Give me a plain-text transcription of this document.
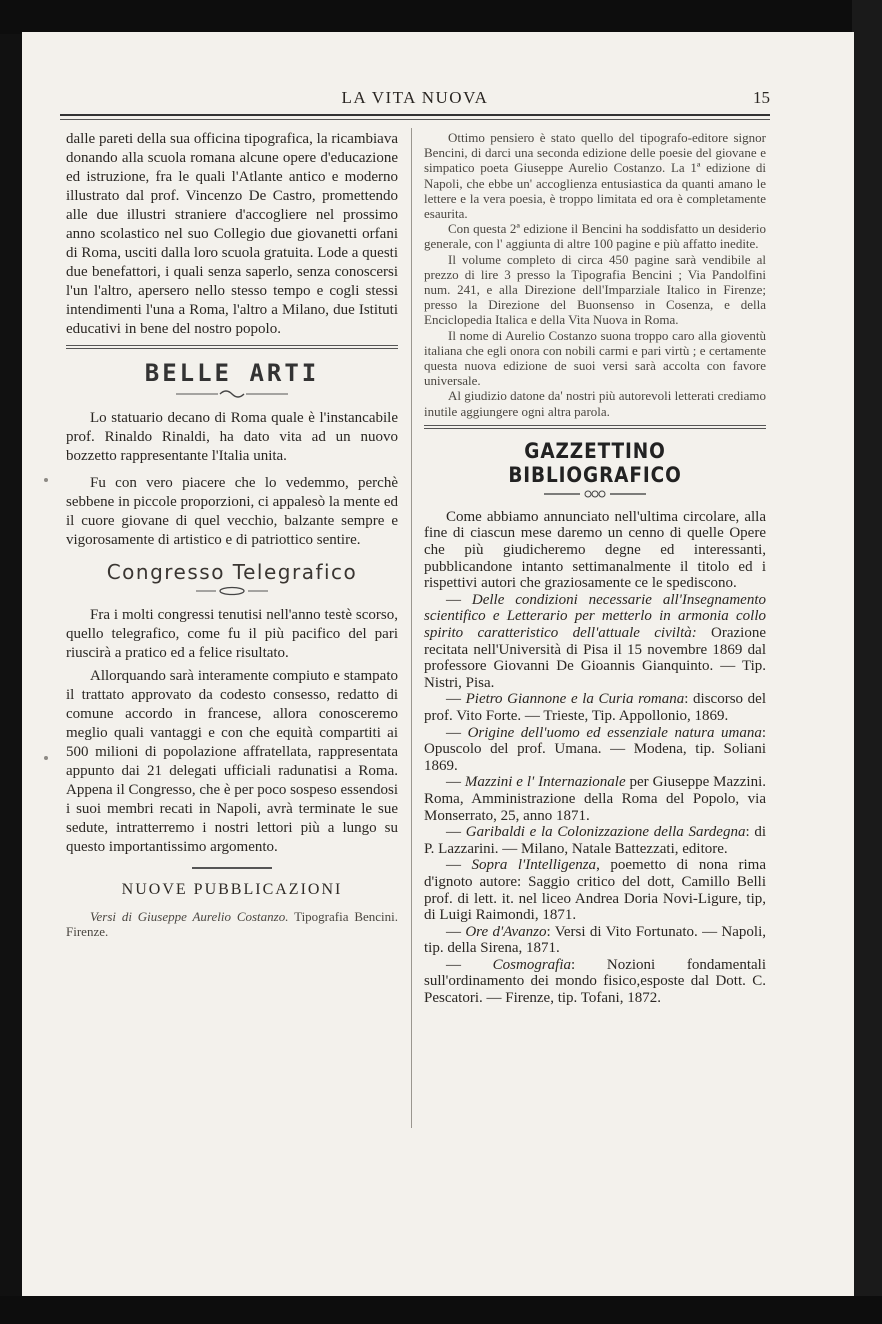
LA VITA NUOVA	15

dalle pareti della sua officina tipografica, la ricambiava donando alla scuola romana alcune opere d'educazione ed istruzione, fra le quali l'Atlante antico e moderno illustrato dal prof. Vincenzo De Castro, promettendo alle due illustri straniere d'accogliere nel prossimo anno scolastico nel suo Collegio due giovanetti orfani di Roma, usciti dalla loro scuola gratuita. Lode a questi due benefattori, i quali senza saperlo, senza conoscersi l'un l'altro, apersero nello stesso tempo e cogli stessi intendimenti l'una a Roma, l'altro a Milano, due Istituti educativi in bene del nostro popolo.

BELLE ARTI

Lo statuario decano di Roma quale è l'instancabile prof. Rinaldo Rinaldi, ha dato vita ad un nuovo bozzetto rappresentante l'Italia unita.

Fu con vero piacere che lo vedemmo, perchè sebbene in piccole proporzioni, ci appalesò la mente ed il cuore giovane di quel vecchio, balzante sempre e vigorosamente di artistico e di patriottico sentire.

Congresso Telegrafico

Fra i molti congressi tenutisi nell'anno testè scorso, quello telegrafico, come fu il più pacifico del pari riuscirà a pratico ed a felice risultato.

Allorquando sarà interamente compiuto e stampato il trattato approvato da codesto consesso, redatto di comune accordo in francese, allora conosceremo meglio quali vantaggi e con che equità compartiti ai 500 milioni di popolazione affratellata, rappresentata appunto dai 21 delegati ufficiali radunatisi a Roma. Appena il Congresso, che è per poco sospeso essendosi i suoi membri recati in Napoli, avrà terminate le sue sedute, intratterremo i nostri lettori più a lungo su questo importantissimo argomento.

NUOVE PUBBLICAZIONI

Versi di Giuseppe Aurelio Costanzo. Tipografia Bencini. Firenze.

Ottimo pensiero è stato quello del tipografo-editore signor Bencini, di darci una seconda edizione delle poesie del giovane e simpatico poeta Giuseppe Aurelio Costanzo. La 1ª edizione di Napoli, che ebbe un' accoglienza entusiastica da quanti amano le lettere e la vera poesia, è troppo limitata ed ora è completamente esaurita.

Con questa 2ª edizione il Bencini ha soddisfatto un desiderio generale, con l' aggiunta di altre 100 pagine e più affatto inedite.

Il volume completo di circa 450 pagine sarà vendibile al prezzo di lire 3 presso la Tipografia Bencini ; Via Pandolfini num. 241, e alla Direzione dell'Imparziale Italico in Firenze; presso la Direzione del Buonsenso in Cosenza, e della Enciclopedia Italica e della Vita Nuova in Roma.

Il nome di Aurelio Costanzo suona troppo caro alla gioventù italiana che egli onora con nobili carmi e pari virtù ; e certamente questa nuova edizione de suoi versi sarà accolta con favore universale.

Al giudizio datone da' nostri più autorevoli letterati crediamo inutile aggiungere ogni altra parola.

GAZZETTINO BIBLIOGRAFICO

Come abbiamo annunciato nell'ultima circolare, alla fine di ciascun mese daremo un cenno di quelle Opere che più giudicheremo degne ed interessanti, pubblicandone intanto settimanalmente il titolo ed i rispettivi autori che graziosamente ce le spediscono.

— Delle condizioni necessarie all'Insegnamento scientifico e Letterario per metterlo in armonia collo spirito caratteristico dell'attuale civiltà: Orazione recitata nell'Università di Pisa il 15 novembre 1869 dal professore Giovanni De Gioannis Gianquinto. — Tip. Nistri, Pisa.

— Pietro Giannone e la Curia romana: discorso del prof. Vito Forte. — Trieste, Tip. Appollonio, 1869.

— Origine dell'uomo ed essenziale natura umana: Opuscolo del prof. Umana. — Modena, tip. Soliani 1869.

— Mazzini e l' Internazionale per Giuseppe Mazzini. Roma, Amministrazione della Roma del Popolo, via Monserrato, 25, anno 1871.

— Garibaldi e la Colonizzazione della Sardegna: di P. Lazzarini. — Milano, Natale Battezzati, editore.

— Sopra l'Intelligenza, poemetto di nona rima d'ignoto autore: Saggio critico del dott, Camillo Belli prof. di lett. it. nel liceo Andrea Doria Novi-Ligure, tip, di Luigi Raimondi, 1871.

— Ore d'Avanzo: Versi di Vito Fortunato. — Napoli, tip. della Sirena, 1871.

— Cosmografia: Nozioni fondamentali sull'ordinamento dei mondo fisico,esposte dal Dott. C. Pescatori. — Firenze, tip. Tofani, 1872.
